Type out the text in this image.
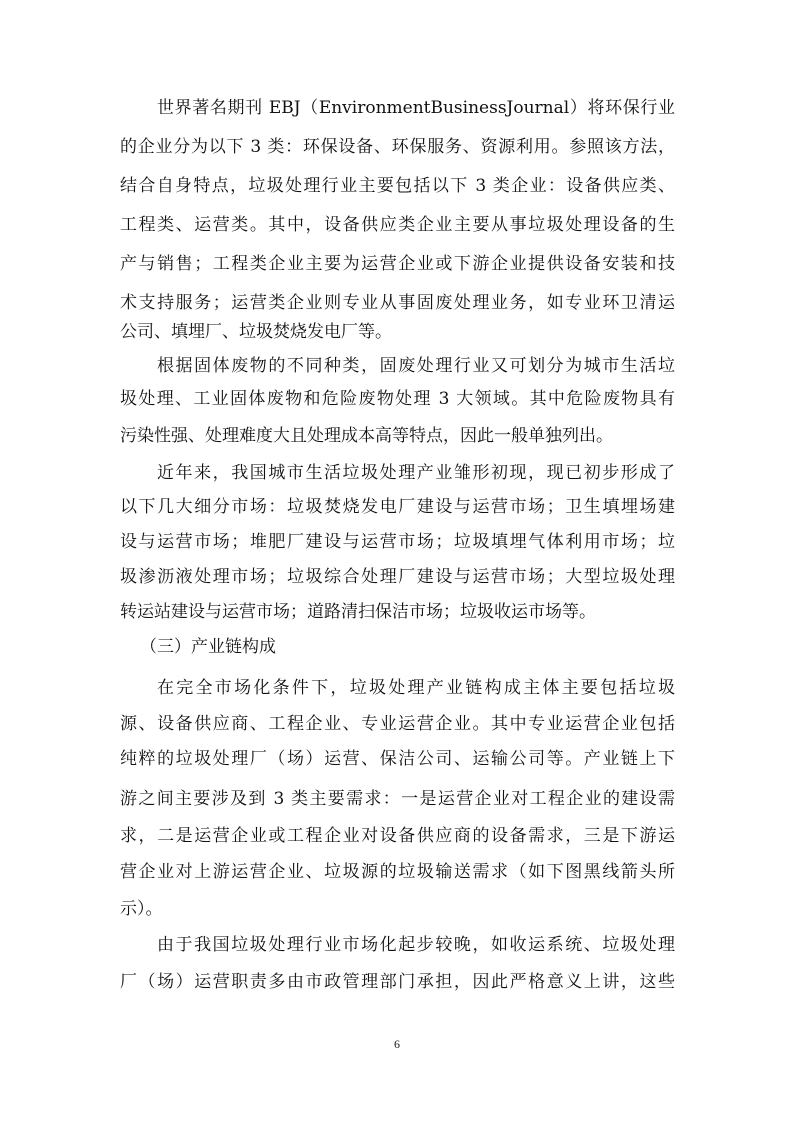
世界著名期刊 EBJ（EnvironmentBusinessJournal）将环保行业
的企业分为以下 3 类：环保设备、环保服务、资源利用。参照该方法，
结合自身特点，垃圾处理行业主要包括以下 3 类企业：设备供应类、
工程类、运营类。其中，设备供应类企业主要从事垃圾处理设备的生
产与销售；工程类企业主要为运营企业或下游企业提供设备安装和技
术支持服务；运营类企业则专业从事固废处理业务，如专业环卫清运
公司、填埋厂、垃圾焚烧发电厂等。
根据固体废物的不同种类，固废处理行业又可划分为城市生活垃
圾处理、工业固体废物和危险废物处理 3 大领域。其中危险废物具有
污染性强、处理难度大且处理成本高等特点，因此一般单独列出。
近年来，我国城市生活垃圾处理产业雏形初现，现已初步形成了
以下几大细分市场：垃圾焚烧发电厂建设与运营市场；卫生填埋场建
设与运营市场；堆肥厂建设与运营市场；垃圾填埋气体利用市场；垃
圾渗沥液处理市场；垃圾综合处理厂建设与运营市场；大型垃圾处理
转运站建设与运营市场；道路清扫保洁市场；垃圾收运市场等。
（三）产业链构成
在完全市场化条件下，垃圾处理产业链构成主体主要包括垃圾
源、设备供应商、工程企业、专业运营企业。其中专业运营企业包括
纯粹的垃圾处理厂（场）运营、保洁公司、运输公司等。产业链上下
游之间主要涉及到 3 类主要需求：一是运营企业对工程企业的建设需
求，二是运营企业或工程企业对设备供应商的设备需求，三是下游运
营企业对上游运营企业、垃圾源的垃圾输送需求（如下图黑线箭头所
示）。
由于我国垃圾处理行业市场化起步较晚，如收运系统、垃圾处理
厂（场）运营职责多由市政管理部门承担，因此严格意义上讲，这些
6
